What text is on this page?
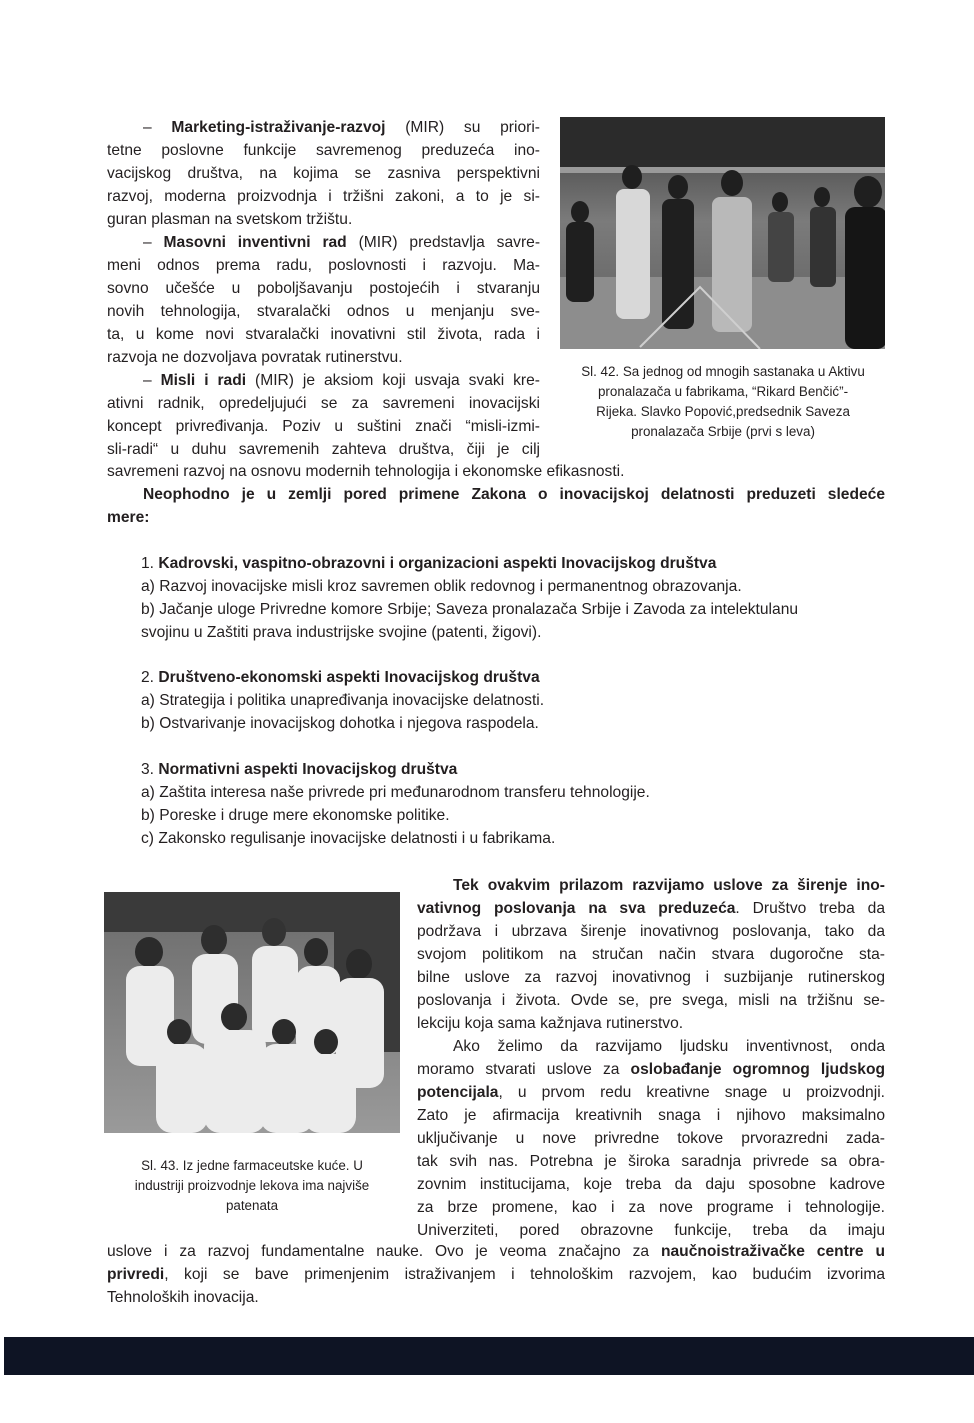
– Marketing-istraživanje-razvoj (MIR) su priori-
tetne poslovne funkcije savremenog preduzeća ino-
vacijskog društva, na kojima se zasniva perspektivni
razvoj, moderna proizvodnja i tržišni zakoni, a to je si-
guran plasman na svetskom tržištu.
– Masovni inventivni rad (MIR) predstavlja savre-
meni odnos prema radu, poslovnosti i razvoju. Ma-
sovno učešće u poboljšavanju postojećih i stvaranju
novih tehnologija, stvaralački odnos u menjanju sve-
ta, u kome novi stvaralački inovativni stil života, rada i
razvoja ne dozvoljava povratak rutinerstvu.
– Misli i radi (MIR) je aksiom koji usvaja svaki kre-
ativni radnik, opredeljujući se za savremeni inovacijski
koncept privređivanja. Poziv u suštini znači “misli-izmi-
sli-radi“ u duhu savremenih zahteva društva, čiji je cilj
savremeni razvoj na osnovu modernih tehnologija i ekonomske efikasnosti.
Sl. 42. Sa jednog od mnogih sastanaka u Aktivu
pronalazača u fabrikama, “Rikard Benčić”-
Rijeka. Slavko Popović,predsednik Saveza
pronalazača Srbije (prvi s leva)
Neophodno je u zemlji pored primene Zakona o inovacijskoj delatnosti preduzeti sledeće
mere:
1. Kadrovski, vaspitno-obrazovni i organizacioni aspekti Inovacijskog društva
a) Razvoj inovacijske misli kroz savremen oblik redovnog i permanentnog obrazovanja.
b) Jačanje uloge Privredne komore Srbije; Saveza pronalazača Srbije i Zavoda za intelektulanu
svojinu u Zaštiti prava industrijske svojine (patenti, žigovi).
2. Društveno-ekonomski aspekti Inovacijskog društva
a) Strategija i politika unapređivanja inovacijske delatnosti.
b) Ostvarivanje inovacijskog dohotka i njegova raspodela.
3. Normativni aspekti Inovacijskog društva
a) Zaštita interesa naše privrede pri međunarodnom transferu tehnologije.
b) Poreske i druge mere ekonomske politike.
c) Zakonsko regulisanje inovacijske delatnosti i u fabrikama.
Sl. 43. Iz jedne farmaceutske kuće. U
industriji proizvodnje lekova ima najviše
patenata
Tek ovakvim prilazom razvijamo uslove za širenje ino-
vativnog poslovanja na sva preduzeća. Društvo treba da
podržava i ubrzava širenje inovativnog poslovanja, tako da
svojom politikom na stručan način stvara dugoročne sta-
bilne uslove za razvoj inovativnog i suzbijanje rutinerskog
poslovanja i života. Ovde se, pre svega, misli na tržišnu se-
lekciju koja sama kažnjava rutinerstvo.
Ako želimo da razvijamo ljudsku inventivnost, onda
moramo stvarati uslove za oslobađanje ogromnog ljudskog
potencijala, u prvom redu kreativne snage u proizvodnji.
Zato je afirmacija kreativnih snaga i njihovo maksimalno
uključivanje u nove privredne tokove prvorazredni zada-
tak svih nas. Potrebna je široka saradnja privrede sa obra-
zovnim institucijama, koje treba da daju sposobne kadrove
za brze promene, kao i za nove programe i tehnologije.
Univerziteti, pored obrazovne funkcije, treba da imaju
uslove i za razvoj fundamentalne nauke. Ovo je veoma značajno za naučnoistraživačke centre u
privredi, koji se bave primenjenim istraživanjem i tehnološkim razvojem, kao budućim izvorima
Tehnoloških inovacija.
